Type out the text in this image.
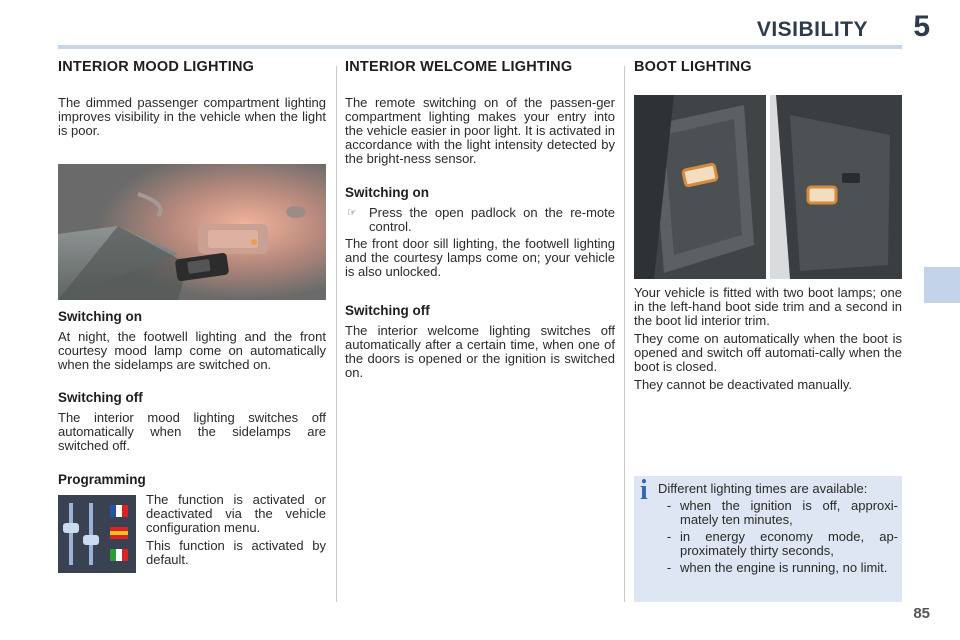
VISIBILITY 5
85
INTERIOR MOOD LIGHTING

The dimmed passenger compartment lighting improves visibility in the vehicle when the light is poor.

Switching on

At night, the footwell lighting and the front courtesy mood lamp come on automatically when the sidelamps are switched on.

Switching off

The interior mood lighting switches off automatically when the sidelamps are switched off.

Programming

The function is activated or deactivated via the vehicle configuration menu.

This function is activated by default.

INTERIOR WELCOME LIGHTING

The remote switching on of the passen-ger compartment lighting makes your entry into the vehicle easier in poor light. It is activated in accordance with the light intensity detected by the bright-ness sensor.

Switching on
☞ Press the open padlock on the re-mote control.

The front door sill lighting, the footwell lighting and the courtesy lamps come on; your vehicle is also unlocked.

Switching off

The interior welcome lighting switches off automatically after a certain time, when one of the doors is opened or the ignition is switched on.

BOOT LIGHTING

Your vehicle is fitted with two boot lamps; one in the left-hand boot side trim and a second in the boot lid interior trim.

They come on automatically when the boot is opened and switch off automati-cally when the boot is closed.

They cannot be deactivated manually.

i Different lighting times are available:

- when the ignition is off, approxi-mately ten minutes,

- in energy economy mode, ap-proximately thirty seconds,

- when the engine is running, no limit.
